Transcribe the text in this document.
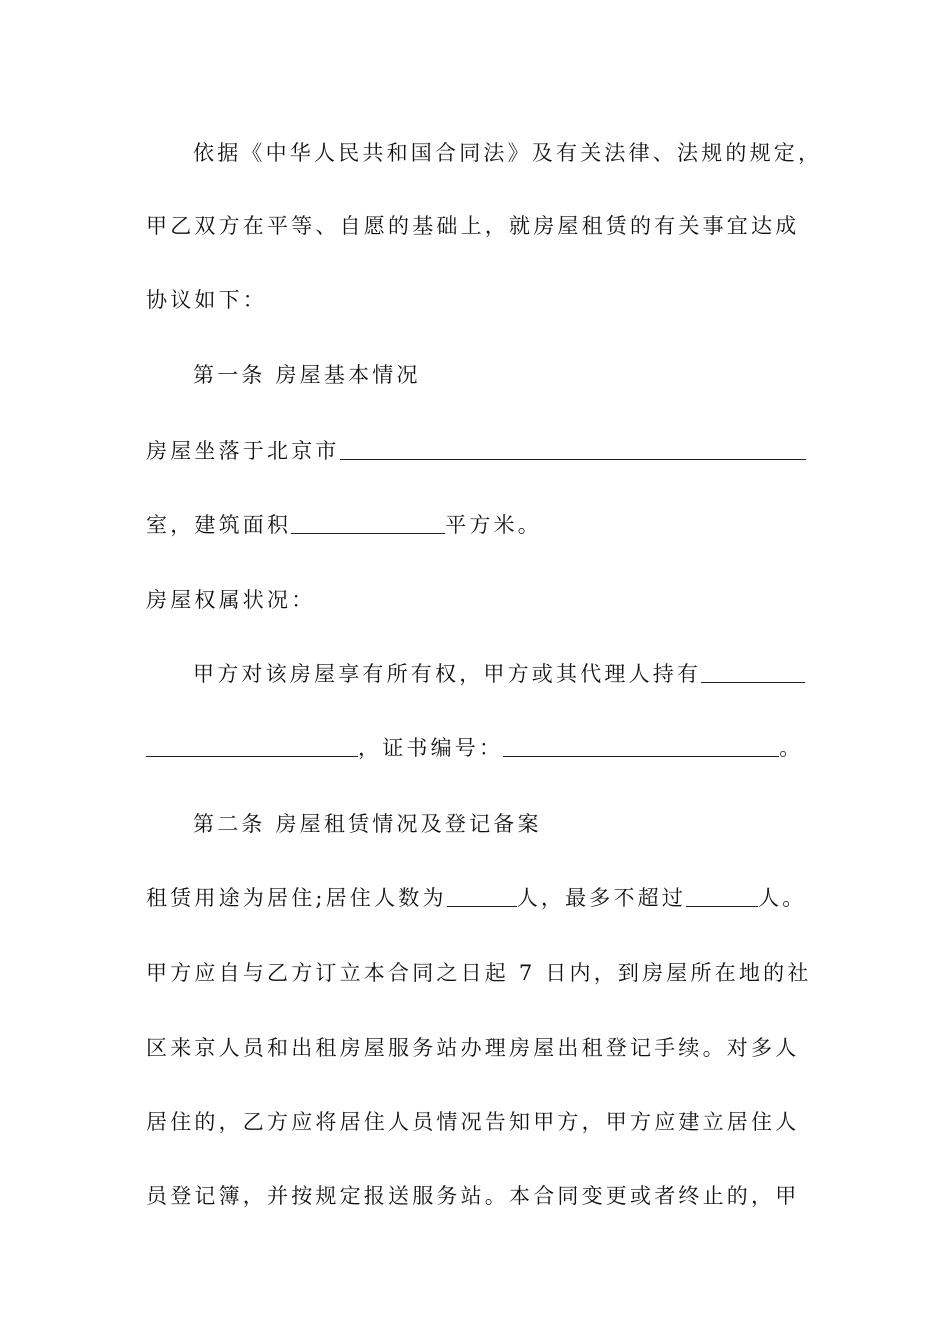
依据《中华人民共和国合同法》及有关法律、法规的规定，
甲乙双方在平等、自愿的基础上，就房屋租赁的有关事宜达成
协议如下：
第一条 房屋基本情况
房屋坐落于北京市
室，建筑面积	平方米。
房屋权属状况：
甲方对该房屋享有所有权，甲方或其代理人持有
，证书编号：	。
第二条 房屋租赁情况及登记备案
租赁用途为居住;居住人数为	人，最多不超过	人。
甲方应自与乙方订立本合同之日起 7 日内，到房屋所在地的社
区来京人员和出租房屋服务站办理房屋出租登记手续。对多人
居住的，乙方应将居住人员情况告知甲方，甲方应建立居住人
员登记簿，并按规定报送服务站。本合同变更或者终止的，甲
